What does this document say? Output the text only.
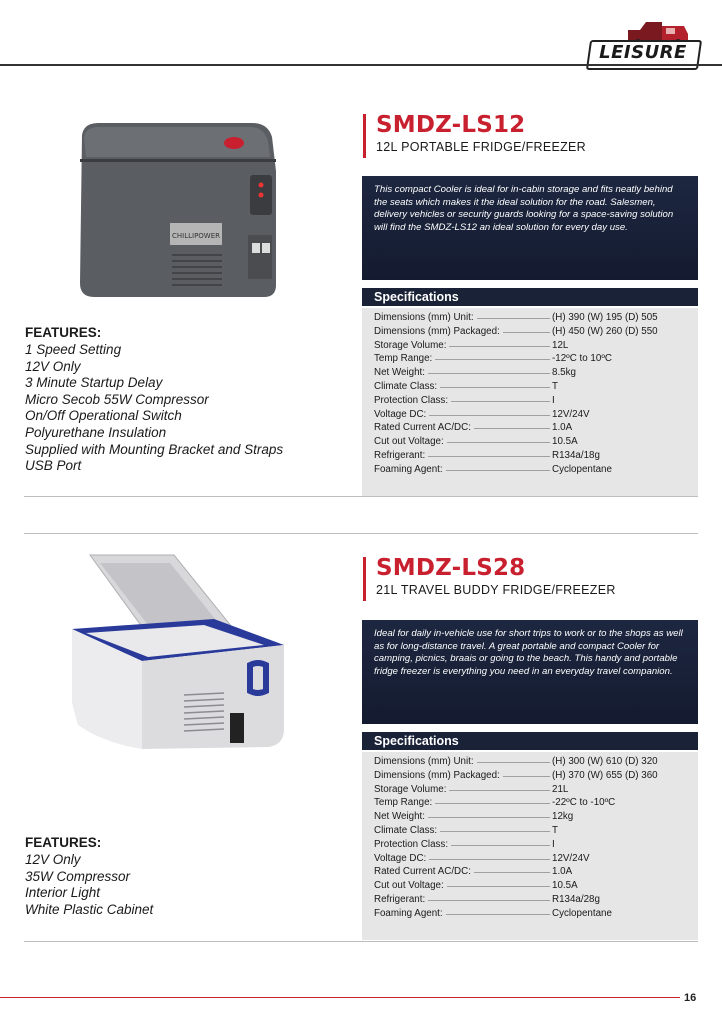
LEISURE
CHILLIPOWER
SMDZ-LS12
12L PORTABLE FRIDGE/FREEZER
This compact Cooler is ideal for in-cabin storage and fits neatly behind the seats which makes it the ideal solution for the road. Salesmen, delivery vehicles or security guards looking for a space-saving solution will find the SMDZ-LS12 an ideal solution for every day use.
Specifications
Dimensions (mm) Unit:	(H) 390 (W) 195 (D) 505
Dimensions (mm) Packaged:	(H) 450 (W) 260 (D) 550
Storage Volume:	12L
Temp Range:	-12ºC to 10ºC
Net Weight:	8.5kg
Climate Class:	T
Protection Class:	I
Voltage DC:	12V/24V
Rated Current AC/DC:	1.0A
Cut out Voltage:	10.5A
Refrigerant:	R134a/18g
Foaming Agent:	Cyclopentane
FEATURES:
1 Speed Setting
12V Only
3 Minute Startup Delay
Micro Secob 55W Compressor
On/Off Operational Switch
Polyurethane Insulation
Supplied with Mounting Bracket and Straps
USB Port
SMDZ-LS28
21L TRAVEL BUDDY FRIDGE/FREEZER
Ideal for daily in-vehicle use for short trips to work or to the shops as well as for long-distance travel. A great portable and compact Cooler for camping, picnics, braais or going to the beach. This handy and portable fridge freezer is everything you need in an everyday travel companion.
Specifications
Dimensions (mm) Unit:	(H) 300 (W) 610 (D) 320
Dimensions (mm) Packaged:	(H) 370 (W) 655 (D) 360
Storage Volume:	21L
Temp Range:	-22ºC to -10ºC
Net Weight:	12kg
Climate Class:	T
Protection Class:	I
Voltage DC:	12V/24V
Rated Current AC/DC:	1.0A
Cut out Voltage:	10.5A
Refrigerant:	R134a/28g
Foaming Agent:	Cyclopentane
FEATURES:
12V Only
35W Compressor
Interior Light
White Plastic Cabinet
16
